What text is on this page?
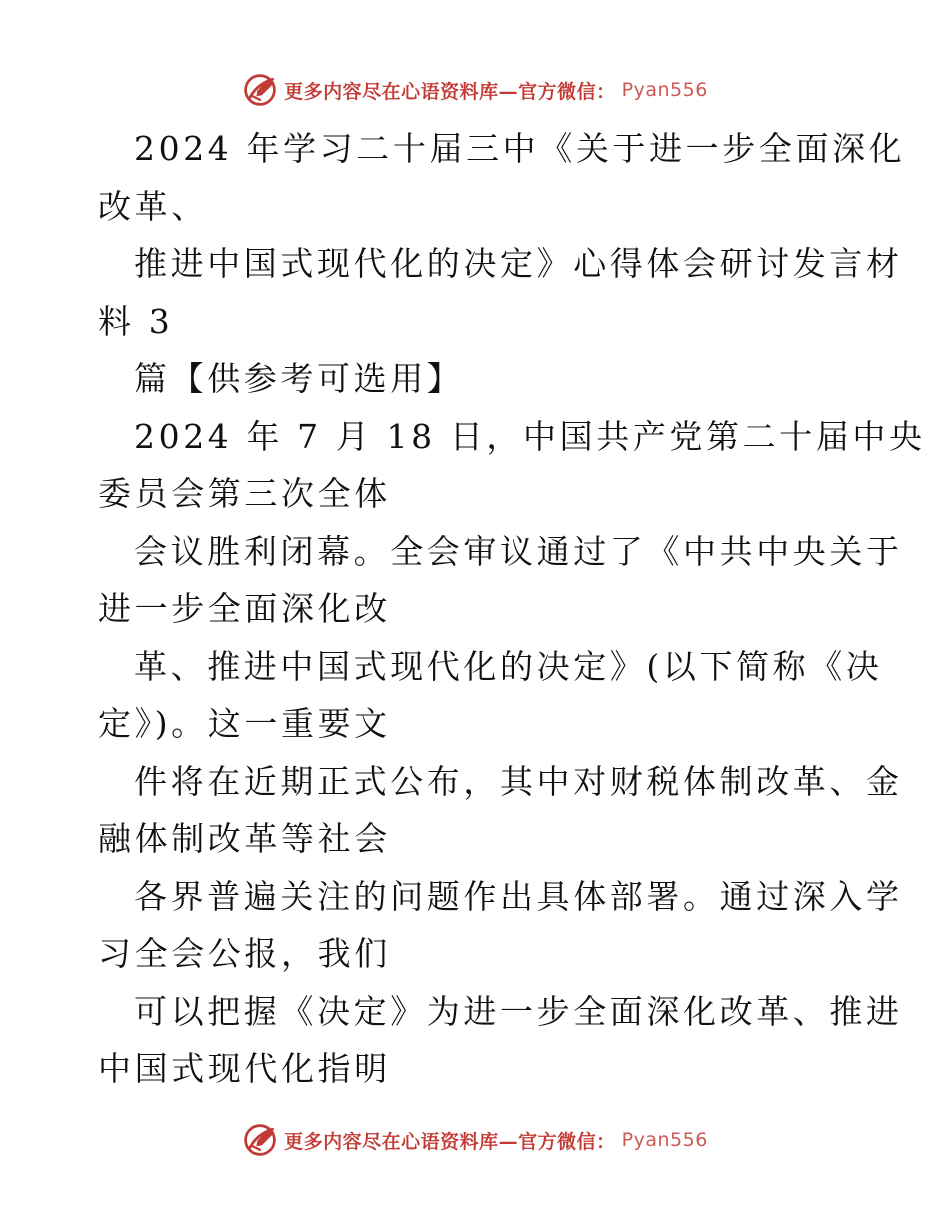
更多内容尽在心语资料库—官方微信： Pyan556
2024 年学习二十届三中《关于进一步全面深化
改革、
推进中国式现代化的决定》心得体会研讨发言材
料 3
篇【供参考可选用】
2024 年 7 月 18 日，中国共产党第二十届中央
委员会第三次全体
会议胜利闭幕。全会审议通过了《中共中央关于
进一步全面深化改
革、推进中国式现代化的决定》(以下简称《决
定》)。这一重要文
件将在近期正式公布，其中对财税体制改革、金
融体制改革等社会
各界普遍关注的问题作出具体部署。通过深入学
习全会公报，我们
可以把握《决定》为进一步全面深化改革、推进
中国式现代化指明
更多内容尽在心语资料库—官方微信： Pyan556
